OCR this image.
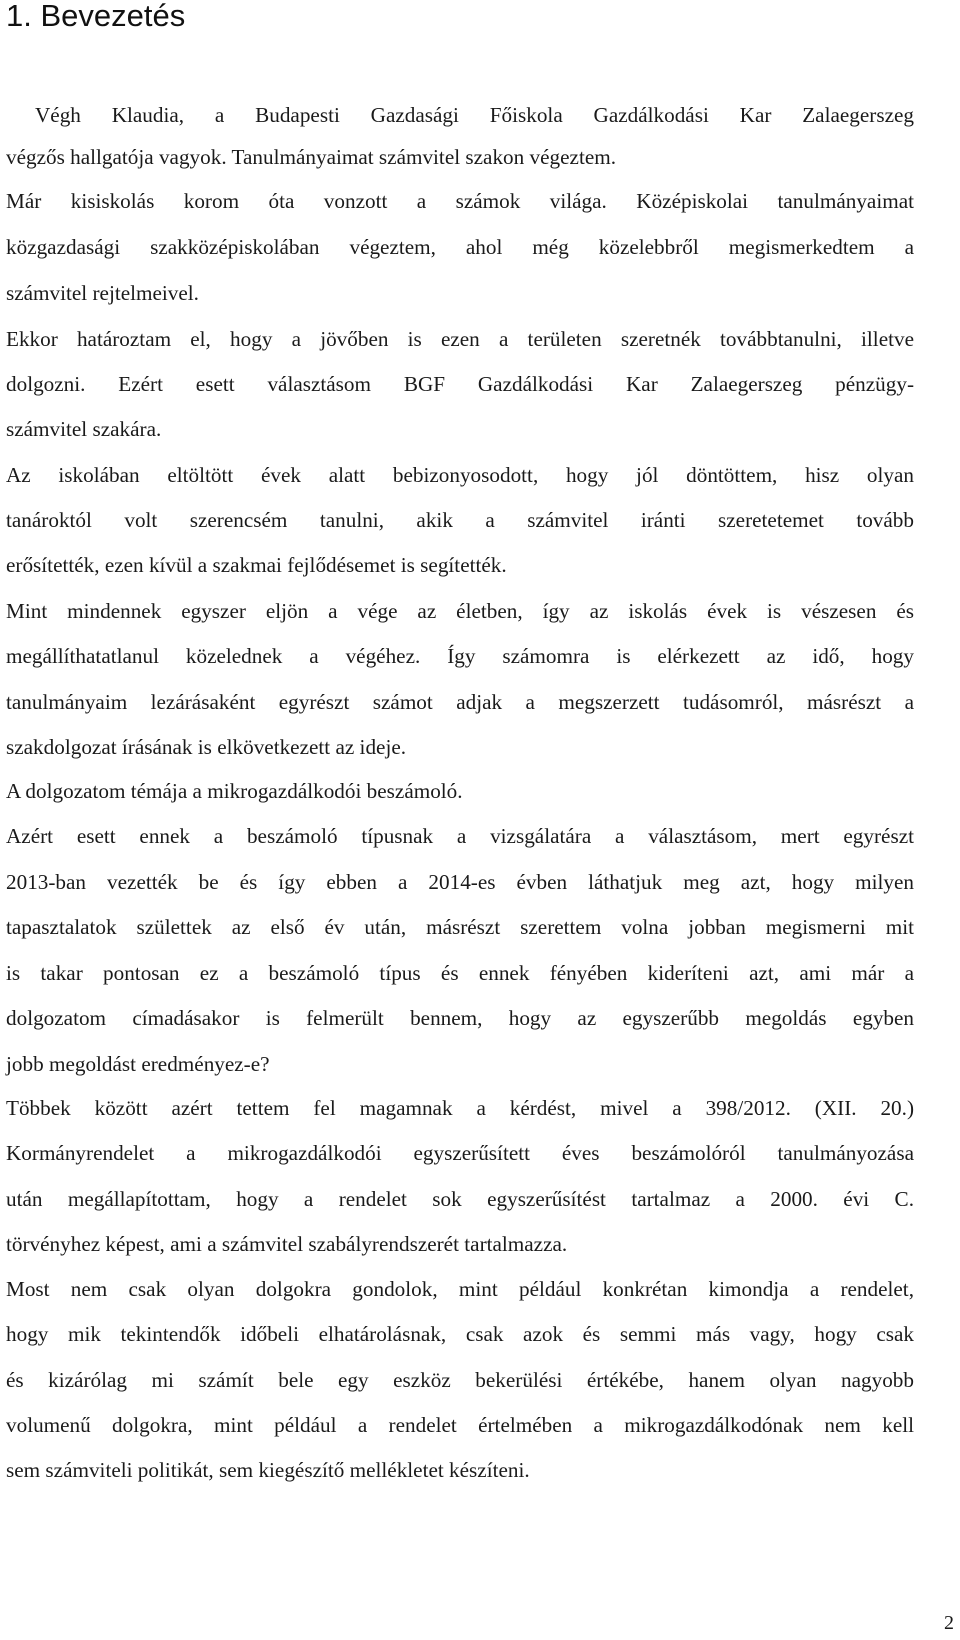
1. Bevezetés

Végh Klaudia, a Budapesti Gazdasági Főiskola Gazdálkodási Kar Zalaegerszeg

végzős hallgatója vagyok. Tanulmányaimat számvitel szakon végeztem.

Már kisiskolás korom óta vonzott a számok világa. Középiskolai tanulmányaimat

közgazdasági szakközépiskolában végeztem, ahol még közelebbről megismerkedtem a

számvitel rejtelmeivel.

Ekkor határoztam el, hogy a jövőben is ezen a területen szeretnék továbbtanulni, illetve

dolgozni. Ezért esett választásom BGF Gazdálkodási Kar Zalaegerszeg pénzügy-

számvitel szakára.

Az iskolában eltöltött évek alatt bebizonyosodott, hogy jól döntöttem, hisz olyan

tanároktól volt szerencsém tanulni, akik a számvitel iránti szeretetemet tovább

erősítették, ezen kívül a szakmai fejlődésemet is segítették.

Mint mindennek egyszer eljön a vége az életben, így az iskolás évek is vészesen és

megállíthatatlanul közelednek a végéhez. Így számomra is elérkezett az idő, hogy

tanulmányaim lezárásaként egyrészt számot adjak a megszerzett tudásomról, másrészt a

szakdolgozat írásának is elkövetkezett az ideje.

A dolgozatom témája a mikrogazdálkodói beszámoló.

Azért esett ennek a beszámoló típusnak a vizsgálatára a választásom, mert egyrészt

2013-ban vezették be és így ebben a 2014-es évben láthatjuk meg azt, hogy milyen

tapasztalatok születtek az első év után, másrészt szerettem volna jobban megismerni mit

is takar pontosan ez a beszámoló típus és ennek fényében kideríteni azt, ami már a

dolgozatom címadásakor is felmerült bennem, hogy az egyszerűbb megoldás egyben

jobb megoldást eredményez-e?

Többek között azért tettem fel magamnak a kérdést, mivel a 398/2012. (XII. 20.)

Kormányrendelet a mikrogazdálkodói egyszerűsített éves beszámolóról tanulmányozása

után megállapítottam, hogy a rendelet sok egyszerűsítést tartalmaz a 2000. évi C.

törvényhez képest, ami a számvitel szabályrendszerét tartalmazza.

Most nem csak olyan dolgokra gondolok, mint például konkrétan kimondja a rendelet,

hogy mik tekintendők időbeli elhatárolásnak, csak azok és semmi más vagy, hogy csak

és kizárólag mi számít bele egy eszköz bekerülési értékébe, hanem olyan nagyobb

volumenű dolgokra, mint például a rendelet értelmében a mikrogazdálkodónak nem kell

sem számviteli politikát, sem kiegészítő mellékletet készíteni.

2
